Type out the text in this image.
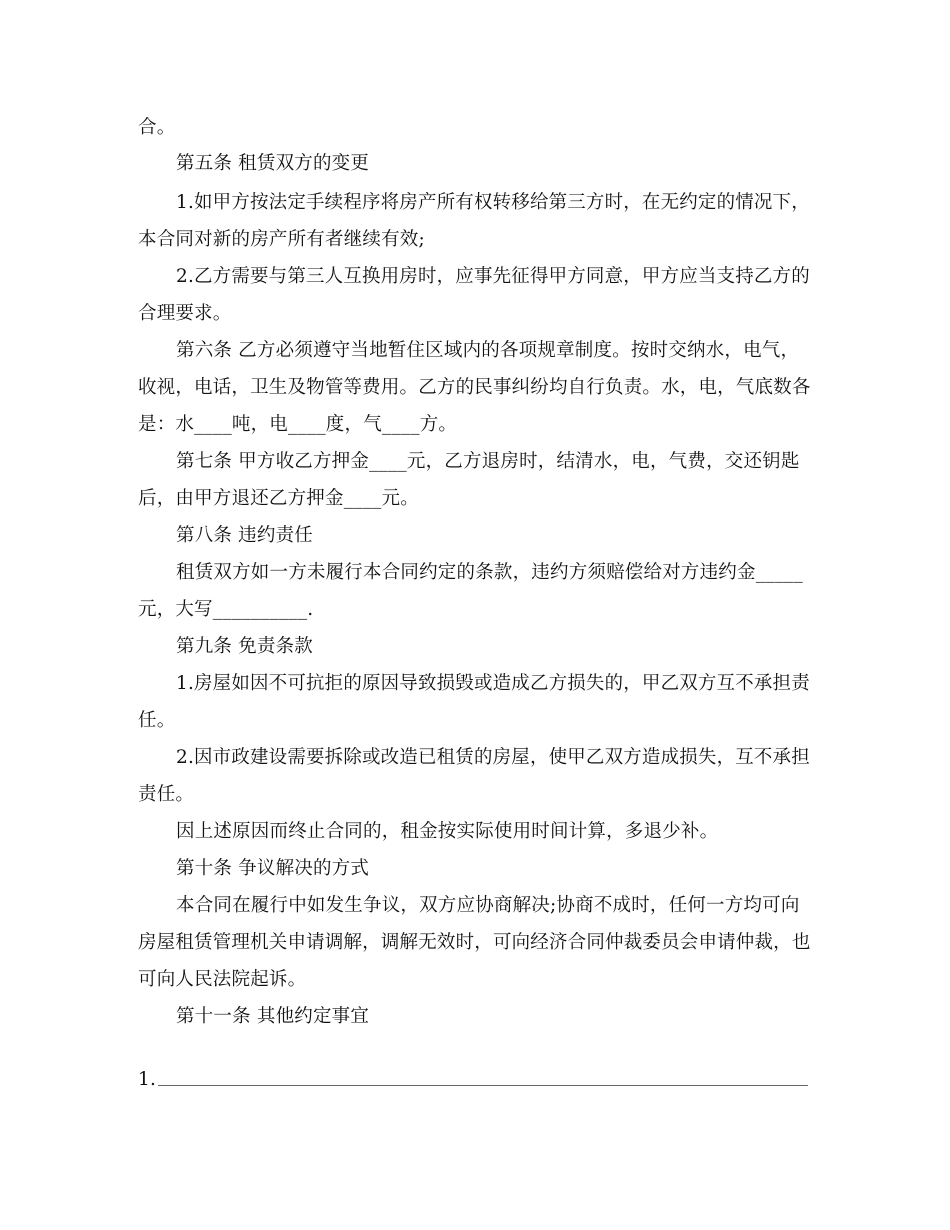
合。
第五条 租赁双方的变更
1.如甲方按法定手续程序将房产所有权转移给第三方时，在无约定的情况下，
本合同对新的房产所有者继续有效;
2.乙方需要与第三人互换用房时，应事先征得甲方同意，甲方应当支持乙方的
合理要求。
第六条 乙方必须遵守当地暂住区域内的各项规章制度。按时交纳水，电气，
收视，电话，卫生及物管等费用。乙方的民事纠纷均自行负责。水，电，气底数各
是：水____吨，电____度，气____方。
第七条 甲方收乙方押金____元，乙方退房时，结清水，电，气费，交还钥匙
后，由甲方退还乙方押金____元。
第八条 违约责任
租赁双方如一方未履行本合同约定的条款，违约方须赔偿给对方违约金_____
元，大写__________.
第九条 免责条款
1.房屋如因不可抗拒的原因导致损毁或造成乙方损失的，甲乙双方互不承担责
任。
2.因市政建设需要拆除或改造已租赁的房屋，使甲乙双方造成损失，互不承担
责任。
因上述原因而终止合同的，租金按实际使用时间计算，多退少补。
第十条 争议解决的方式
本合同在履行中如发生争议，双方应协商解决;协商不成时，任何一方均可向
房屋租赁管理机关申请调解，调解无效时，可向经济合同仲裁委员会申请仲裁，也
可向人民法院起诉。
第十一条 其他约定事宜
1.
